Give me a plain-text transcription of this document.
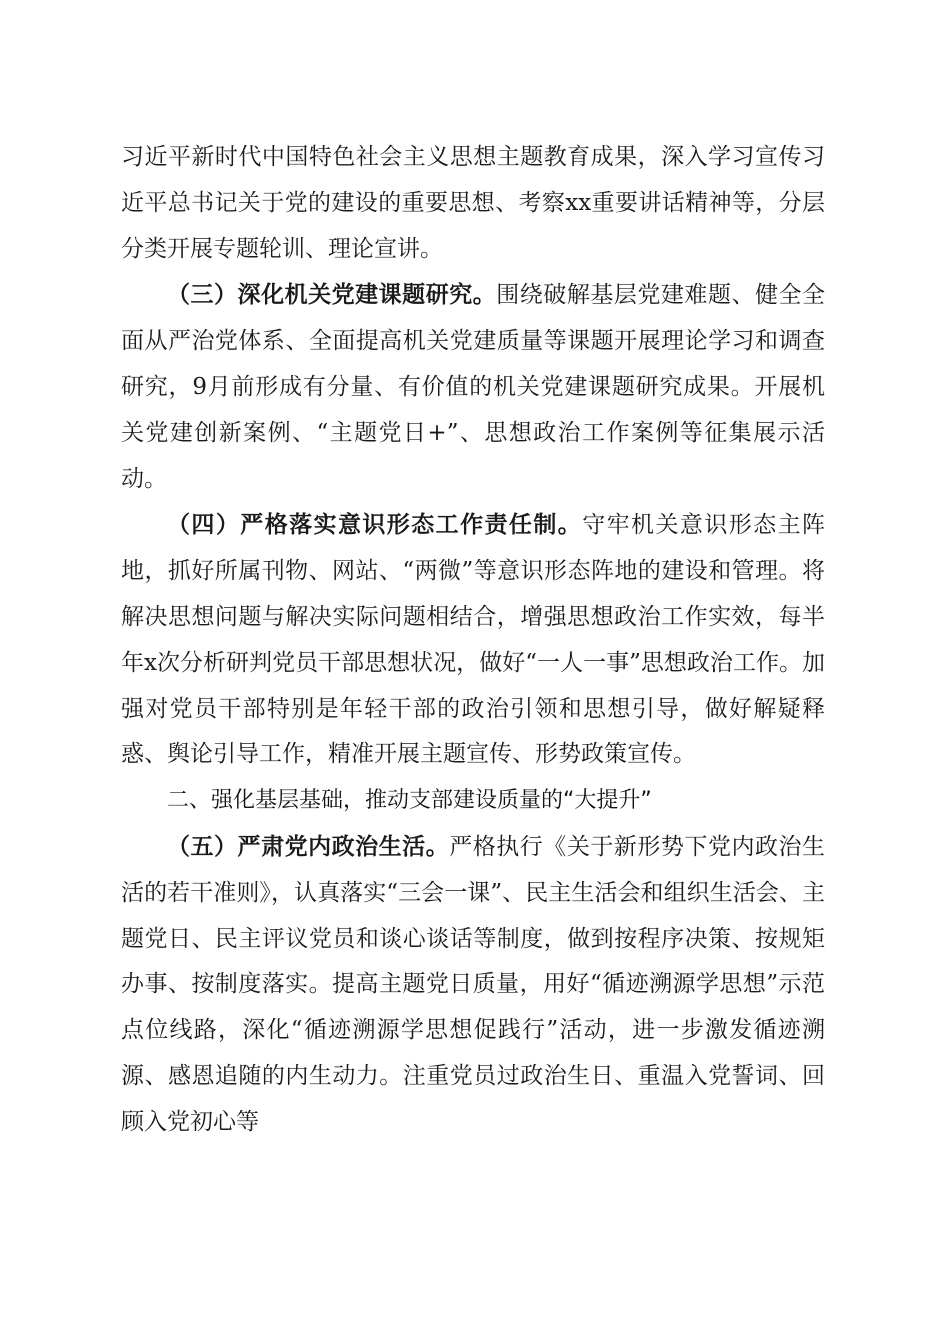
习近平新时代中国特色社会主义思想主题教育成果，深入学习宣传习近平总书记关于党的建设的重要思想、考察xx重要讲话精神等，分层分类开展专题轮训、理论宣讲。

（三）深化机关党建课题研究。围绕破解基层党建难题、健全全面从严治党体系、全面提高机关党建质量等课题开展理论学习和调查研究，9月前形成有分量、有价值的机关党建课题研究成果。开展机关党建创新案例、“主题党日+”、思想政治工作案例等征集展示活动。

（四）严格落实意识形态工作责任制。守牢机关意识形态主阵地，抓好所属刊物、网站、“两微”等意识形态阵地的建设和管理。将解决思想问题与解决实际问题相结合，增强思想政治工作实效，每半年x次分析研判党员干部思想状况，做好“一人一事”思想政治工作。加强对党员干部特别是年轻干部的政治引领和思想引导，做好解疑释惑、舆论引导工作，精准开展主题宣传、形势政策宣传。

二、强化基层基础，推动支部建设质量的“大提升”

（五）严肃党内政治生活。严格执行《关于新形势下党内政治生活的若干准则》，认真落实“三会一课”、民主生活会和组织生活会、主题党日、民主评议党员和谈心谈话等制度，做到按程序决策、按规矩办事、按制度落实。提高主题党日质量，用好“循迹溯源学思想”示范点位线路，深化“循迹溯源学思想促践行”活动，进一步激发循迹溯源、感恩追随的内生动力。注重党员过政治生日、重温入党誓词、回顾入党初心等
